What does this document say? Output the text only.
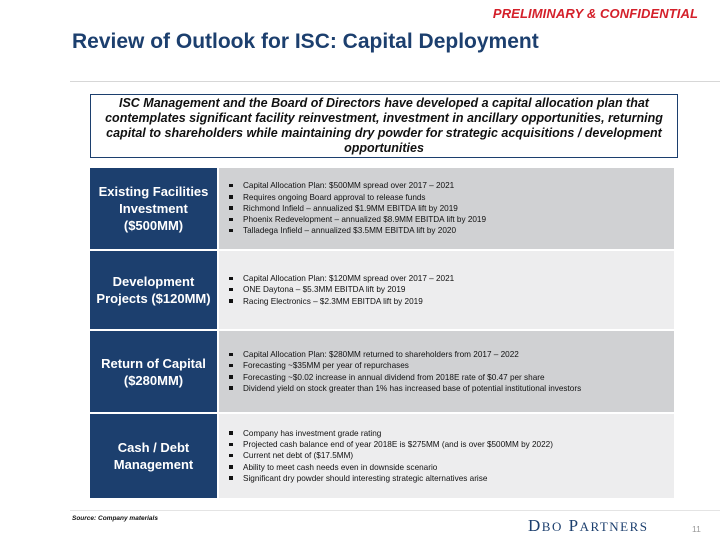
PRELIMINARY & CONFIDENTIAL
Review of Outlook for ISC: Capital Deployment
ISC Management and the Board of Directors have developed a capital allocation plan that contemplates significant facility reinvestment, investment in ancillary opportunities, returning capital to shareholders while maintaining dry powder for strategic acquisitions / development opportunities
Existing Facilities Investment ($500MM)
Capital Allocation Plan: $500MM spread over 2017 – 2021
Requires ongoing Board approval to release funds
Richmond Infield – annualized $1.9MM EBITDA lift by 2019
Phoenix Redevelopment – annualized $8.9MM EBITDA lift by 2019
Talladega Infield – annualized $3.5MM EBITDA lift by 2020
Development Projects ($120MM)
Capital Allocation Plan: $120MM spread over 2017 – 2021
ONE Daytona – $5.3MM EBITDA lift by 2019
Racing Electronics – $2.3MM EBITDA lift by 2019
Return of Capital ($280MM)
Capital Allocation Plan: $280MM returned to shareholders from 2017 – 2022
Forecasting ~$35MM per year of repurchases
Forecasting ~$0.02 increase in annual dividend from 2018E rate of $0.47 per share
Dividend yield on stock greater than 1% has increased base of potential institutional investors
Cash / Debt Management
Company has investment grade rating
Projected cash balance end of year 2018E is $275MM (and is over $500MM by 2022)
Current net debt of ($17.5MM)
Ability to meet cash needs even in downside scenario
Significant dry powder should interesting strategic alternatives arise
Source: Company materials	DBO PARTNERS	11
